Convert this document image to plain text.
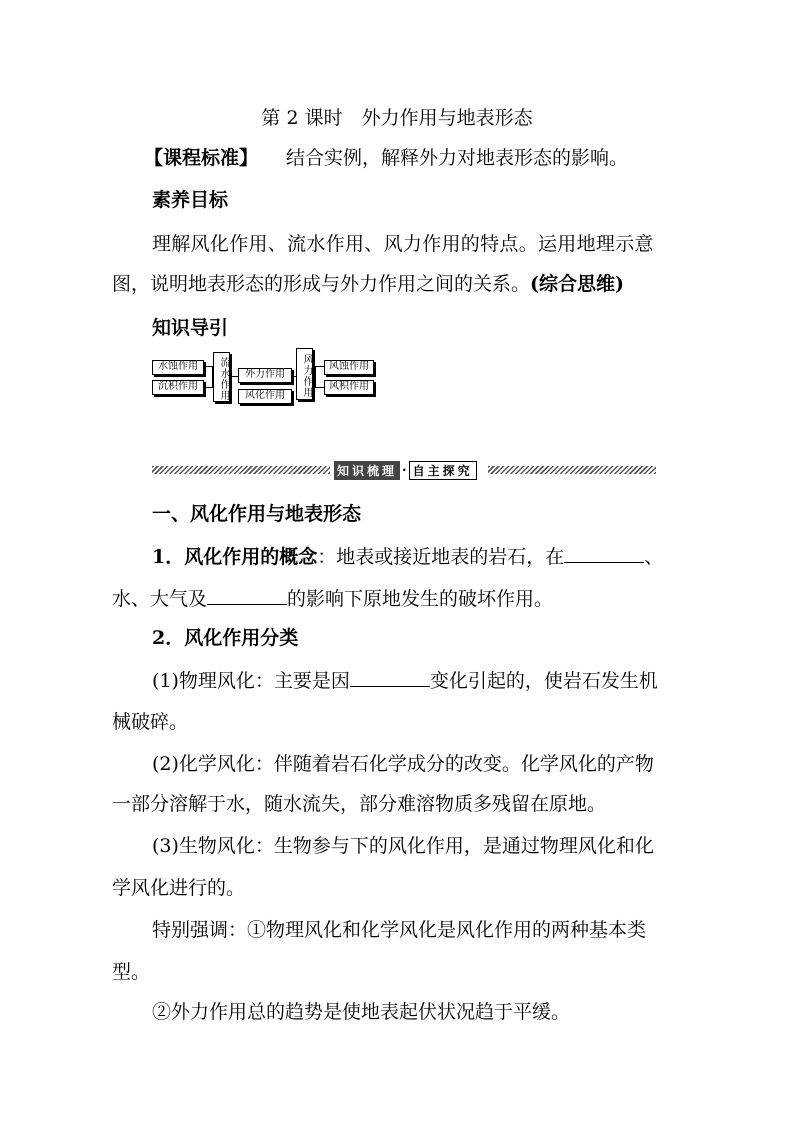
第 2 课时　外力作用与地表形态
【课程标准】 结合实例，解释外力对地表形态的影响。
素养目标
理解风化作用、流水作用、风力作用的特点。运用地理示意
图，说明地表形态的形成与外力作用之间的关系。(综合思维)
知识导引
水蚀作用
沉积作用	流水作用	外力作用
风化作用	风力作用	风蚀作用
风积作用
知识梳理 · 自主探究
一、风化作用与地表形态
1．风化作用的概念：地表或接近地表的岩石，在	、
水、大气及	的影响下原地发生的破坏作用。
2．风化作用分类
(1)物理风化：主要是因	变化引起的，使岩石发生机
械破碎。
(2)化学风化：伴随着岩石化学成分的改变。化学风化的产物
一部分溶解于水，随水流失，部分难溶物质多残留在原地。
(3)生物风化：生物参与下的风化作用，是通过物理风化和化
学风化进行的。
特别强调：①物理风化和化学风化是风化作用的两种基本类
型。
②外力作用总的趋势是使地表起伏状况趋于平缓。
